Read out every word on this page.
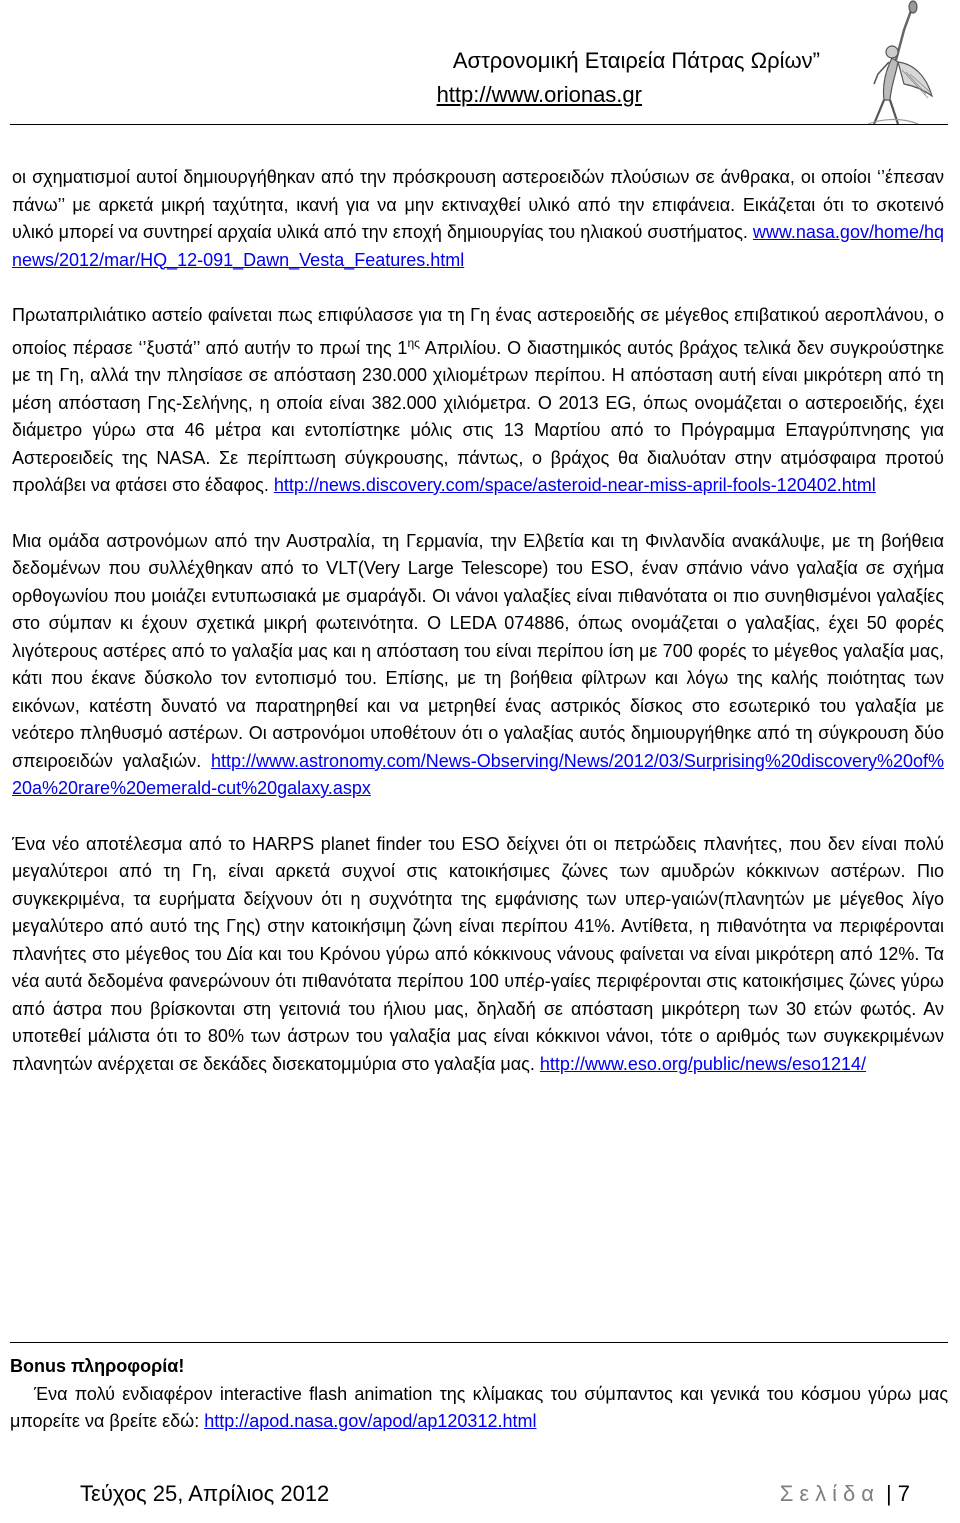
Αστρονομική Εταιρεία Πάτρας Ωρίων”
http://www.orionas.gr

οι σχηματισμοί αυτοί δημιουργήθηκαν από την πρόσκρουση αστεροειδών πλούσιων σε άνθρακα, οι οποίοι ‘’έπεσαν πάνω’’ με αρκετά μικρή ταχύτητα, ικανή για να μην εκτιναχθεί υλικό από την επιφάνεια. Εικάζεται ότι το σκοτεινό υλικό μπορεί να συντηρεί αρχαία υλικά από την εποχή δημιουργίας του ηλιακού συστήματος. www.nasa.gov/home/hqnews/2012/mar/HQ_12-091_Dawn_Vesta_Features.html

Πρωταπριλιάτικο αστείο φαίνεται πως επιφύλασσε για τη Γη ένας αστεροειδής σε μέγεθος επιβατικού αεροπλάνου, ο οποίος πέρασε ‘’ξυστά’’ από αυτήν το πρωί της $1^{\eta\varsigma}$ Απριλίου. Ο διαστημικός αυτός βράχος τελικά δεν συγκρούστηκε με τη Γη, αλλά την πλησίασε σε απόσταση 230.000 χιλιομέτρων περίπου. Η απόσταση αυτή είναι μικρότερη από τη μέση απόσταση Γης-Σελήνης, η οποία είναι 382.000 χιλιόμετρα. Ο 2013 EG, όπως ονομάζεται ο αστεροειδής, έχει διάμετρο γύρω στα 46 μέτρα και εντοπίστηκε μόλις στις 13 Μαρτίου από το Πρόγραμμα Επαγρύπνησης για Αστεροειδείς της NASA. Σε περίπτωση σύγκρουσης, πάντως, ο βράχος θα διαλυόταν στην ατμόσφαιρα προτού προλάβει να φτάσει στο έδαφος. http://news.discovery.com/space/asteroid-near-miss-april-fools-120402.html

Μια ομάδα αστρονόμων από την Αυστραλία, τη Γερμανία, την Ελβετία και τη Φινλανδία ανακάλυψε, με τη βοήθεια δεδομένων που συλλέχθηκαν από το VLT(Very Large Telescope) του ESO, έναν σπάνιο νάνο γαλαξία σε σχήμα ορθογωνίου που μοιάζει εντυπωσιακά με σμαράγδι. Οι νάνοι γαλαξίες είναι πιθανότατα οι πιο συνηθισμένοι γαλαξίες στο σύμπαν κι έχουν σχετικά μικρή φωτεινότητα. Ο LEDA 074886, όπως ονομάζεται ο γαλαξίας, έχει 50 φορές λιγότερους αστέρες από το γαλαξία μας και η απόσταση του είναι περίπου ίση με 700 φορές το μέγεθος γαλαξία μας, κάτι που έκανε δύσκολο τον εντοπισμό του. Επίσης, με τη βοήθεια φίλτρων και λόγω της καλής ποιότητας των εικόνων, κατέστη δυνατό να παρατηρηθεί και να μετρηθεί ένας αστρικός δίσκος στο εσωτερικό του γαλαξία με νεότερο πληθυσμό αστέρων. Οι αστρονόμοι υποθέτουν ότι ο γαλαξίας αυτός δημιουργήθηκε από τη σύγκρουση δύο σπειροειδών γαλαξιών. http://www.astronomy.com/News-Observing/News/2012/03/Surprising%20discovery%20of%20a%20rare%20emerald-cut%20galaxy.aspx

Ένα νέο αποτέλεσμα από το HARPS planet finder του ESO δείχνει ότι οι πετρώδεις πλανήτες, που δεν είναι πολύ μεγαλύτεροι από τη Γη, είναι αρκετά συχνοί στις κατοικήσιμες ζώνες των αμυδρών κόκκινων αστέρων. Πιο συγκεκριμένα, τα ευρήματα δείχνουν ότι η συχνότητα της εμφάνισης των υπερ-γαιών(πλανητών με μέγεθος λίγο μεγαλύτερο από αυτό της Γης) στην κατοικήσιμη ζώνη είναι περίπου 41%. Αντίθετα, η πιθανότητα να περιφέρονται πλανήτες στο μέγεθος του Δία και του Κρόνου γύρω από κόκκινους νάνους φαίνεται να είναι μικρότερη από 12%. Τα νέα αυτά δεδομένα φανερώνουν ότι πιθανότατα περίπου 100 υπέρ-γαίες περιφέρονται στις κατοικήσιμες ζώνες γύρω από άστρα που βρίσκονται στη γειτονιά του ήλιου μας, δηλαδή σε απόσταση μικρότερη των 30 ετών φωτός. Αν υποτεθεί μάλιστα ότι το 80% των άστρων του γαλαξία μας είναι κόκκινοι νάνοι, τότε ο αριθμός των συγκεκριμένων πλανητών ανέρχεται σε δεκάδες δισεκατομμύρια στο γαλαξία μας. http://www.eso.org/public/news/eso1214/

Bonus πληροφορία!
Ένα πολύ ενδιαφέρον interactive flash animation της κλίμακας του σύμπαντος και γενικά του κόσμου γύρω μας μπορείτε να βρείτε εδώ: http://apod.nasa.gov/apod/ap120312.html
Τεύχος 25, Απρίλιος 2012	Σελίδα | 7
